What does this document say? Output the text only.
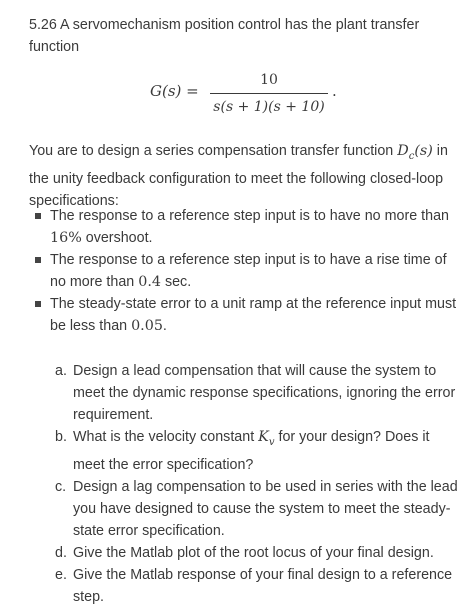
5.26 A servomechanism position control has the plant transfer
function
G(s) =
10
s(s + 1)(s + 10)
.
You are to design a series compensation transfer function $D_c(s)$ in the unity feedback configuration to meet the following closed-loop specifications:
The response to a reference step input is to have no more than 16% overshoot.
The response to a reference step input is to have a rise time of no more than 0.4 sec.
The steady-state error to a unit ramp at the reference input must be less than 0.05.
a. Design a lead compensation that will cause the system to meet the dynamic response specifications, ignoring the error requirement.
b. What is the velocity constant $K_v$ for your design? Does it meet the error specification?
c. Design a lag compensation to be used in series with the lead you have designed to cause the system to meet the steady-state error specification.
d. Give the Matlab plot of the root locus of your final design.
e. Give the Matlab response of your final design to a reference step.
